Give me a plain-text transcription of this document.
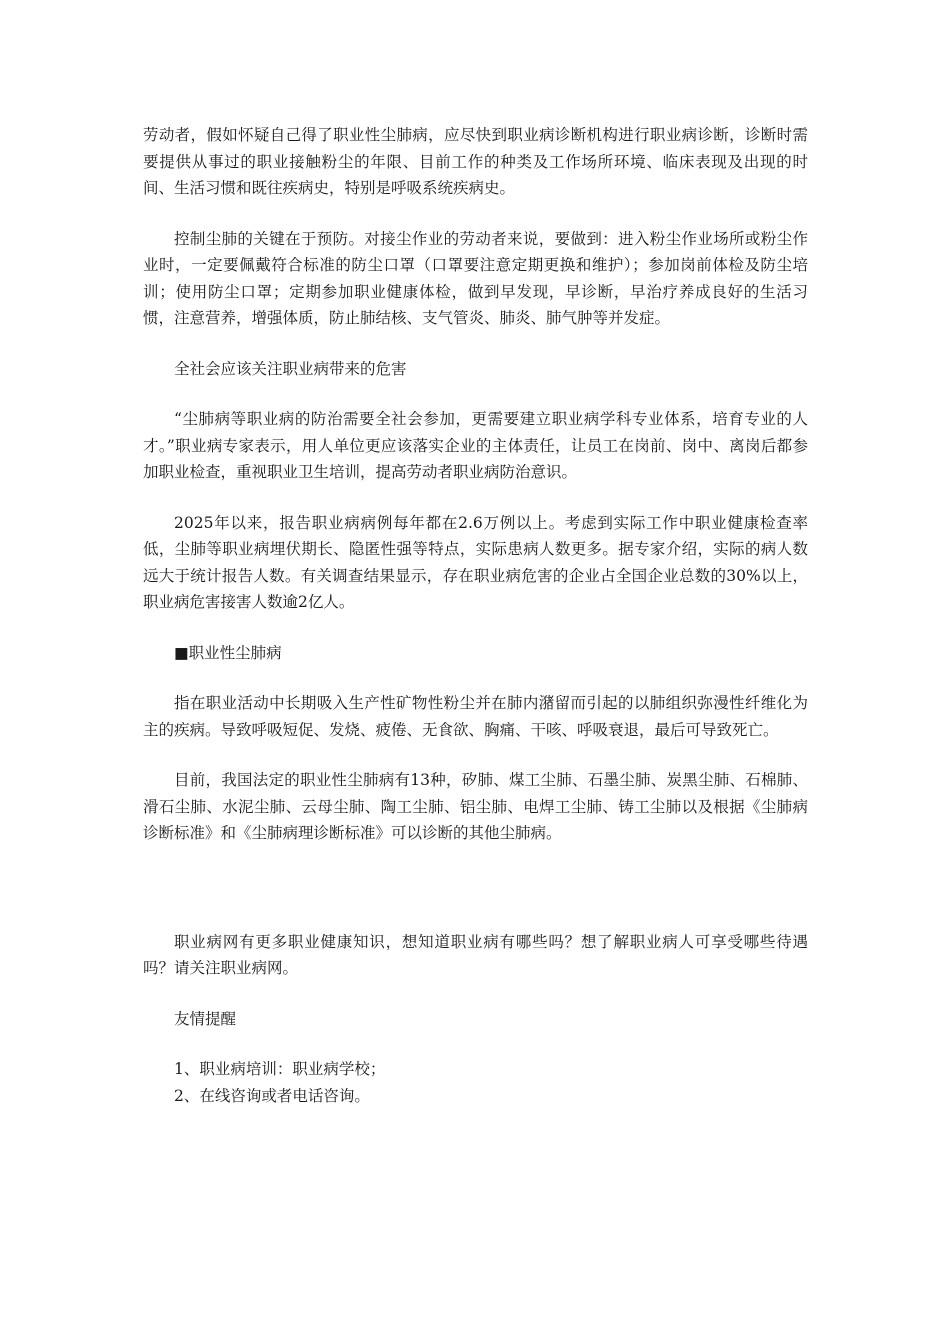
劳动者，假如怀疑自己得了职业性尘肺病，应尽快到职业病诊断机构进行职业病诊断，诊断时需要提供从事过的职业接触粉尘的年限、目前工作的种类及工作场所环境、临床表现及出现的时间、生活习惯和既往疾病史，特别是呼吸系统疾病史。

控制尘肺的关键在于预防。对接尘作业的劳动者来说，要做到：进入粉尘作业场所或粉尘作业时，一定要佩戴符合标准的防尘口罩（口罩要注意定期更换和维护）；参加岗前体检及防尘培训；使用防尘口罩；定期参加职业健康体检，做到早发现，早诊断，早治疗养成良好的生活习惯，注意营养，增强体质，防止肺结核、支气管炎、肺炎、肺气肿等并发症。

全社会应该关注职业病带来的危害

“尘肺病等职业病的防治需要全社会参加，更需要建立职业病学科专业体系，培育专业的人才。”职业病专家表示，用人单位更应该落实企业的主体责任，让员工在岗前、岗中、离岗后都参加职业检查，重视职业卫生培训，提高劳动者职业病防治意识。

2025年以来，报告职业病病例每年都在2.6万例以上。考虑到实际工作中职业健康检查率低，尘肺等职业病埋伏期长、隐匿性强等特点，实际患病人数更多。据专家介绍，实际的病人数远大于统计报告人数。有关调查结果显示，存在职业病危害的企业占全国企业总数的30%以上，职业病危害接害人数逾2亿人。

■职业性尘肺病

指在职业活动中长期吸入生产性矿物性粉尘并在肺内潴留而引起的以肺组织弥漫性纤维化为主的疾病。导致呼吸短促、发烧、疲倦、无食欲、胸痛、干咳、呼吸衰退，最后可导致死亡。

目前，我国法定的职业性尘肺病有13种，矽肺、煤工尘肺、石墨尘肺、炭黑尘肺、石棉肺、滑石尘肺、水泥尘肺、云母尘肺、陶工尘肺、铝尘肺、电焊工尘肺、铸工尘肺以及根据《尘肺病诊断标准》和《尘肺病理诊断标准》可以诊断的其他尘肺病。

职业病网有更多职业健康知识，想知道职业病有哪些吗？想了解职业病人可享受哪些待遇吗？请关注职业病网。

友情提醒

1、职业病培训：职业病学校；

2、在线咨询或者电话咨询。
